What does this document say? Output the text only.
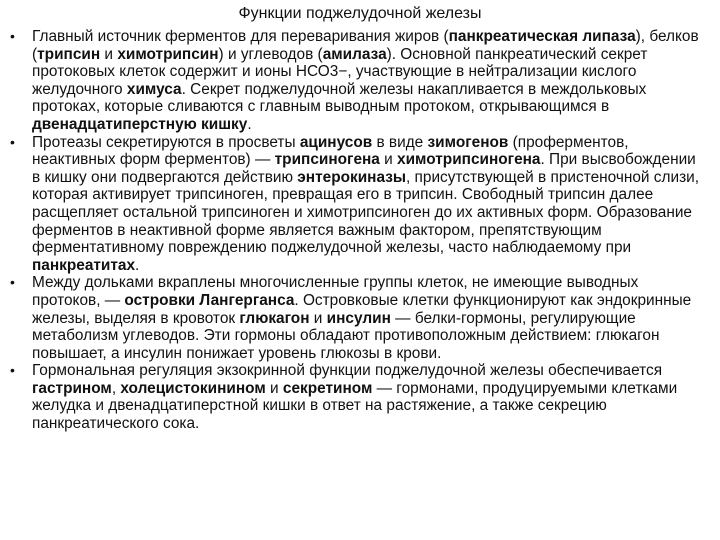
Функции поджелудочной железы
• Главный источник ферментов для переваривания жиров (панкреатическая липаза), белков (трипсин и химотрипсин) и углеводов (амилаза). Основной панкреатический секрет протоковых клеток содержит и ионы НСО3−, участвующие в нейтрализации кислого желудочного химуса. Секрет поджелудочной железы накапливается в междольковых протоках, которые сливаются с главным выводным протоком, открывающимся в двенадцатиперстную кишку.
• Протеазы секретируются в просветы ацинусов в виде зимогенов (проферментов, неактивных форм ферментов) — трипсиногена и химотрипсиногена. При высвобождении в кишку они подвергаются действию энтерокиназы, присутствующей в пристеночной слизи, которая активирует трипсиноген, превращая его в трипсин. Свободный трипсин далее расщепляет остальной трипсиноген и химотрипсиноген до их активных форм. Образование ферментов в неактивной форме является важным фактором, препятствующим ферментативному повреждению поджелудочной железы, часто наблюдаемому при панкреатитах.
• Между дольками вкраплены многочисленные группы клеток, не имеющие выводных протоков, — островки Лангерганса. Островковые клетки функционируют как эндокринные железы, выделяя в кровоток глюкагон и инсулин — белки-гормоны, регулирующие метаболизм углеводов. Эти гормоны обладают противоположным действием: глюкагон повышает, а инсулин понижает уровень глюкозы в крови.
• Гормональная регуляция экзокринной функции поджелудочной железы обеспечивается гастрином, холецистокинином и секретином — гормонами, продуцируемыми клетками желудка и двенадцатиперстной кишки в ответ на растяжение, а также секрецию панкреатического сока.
